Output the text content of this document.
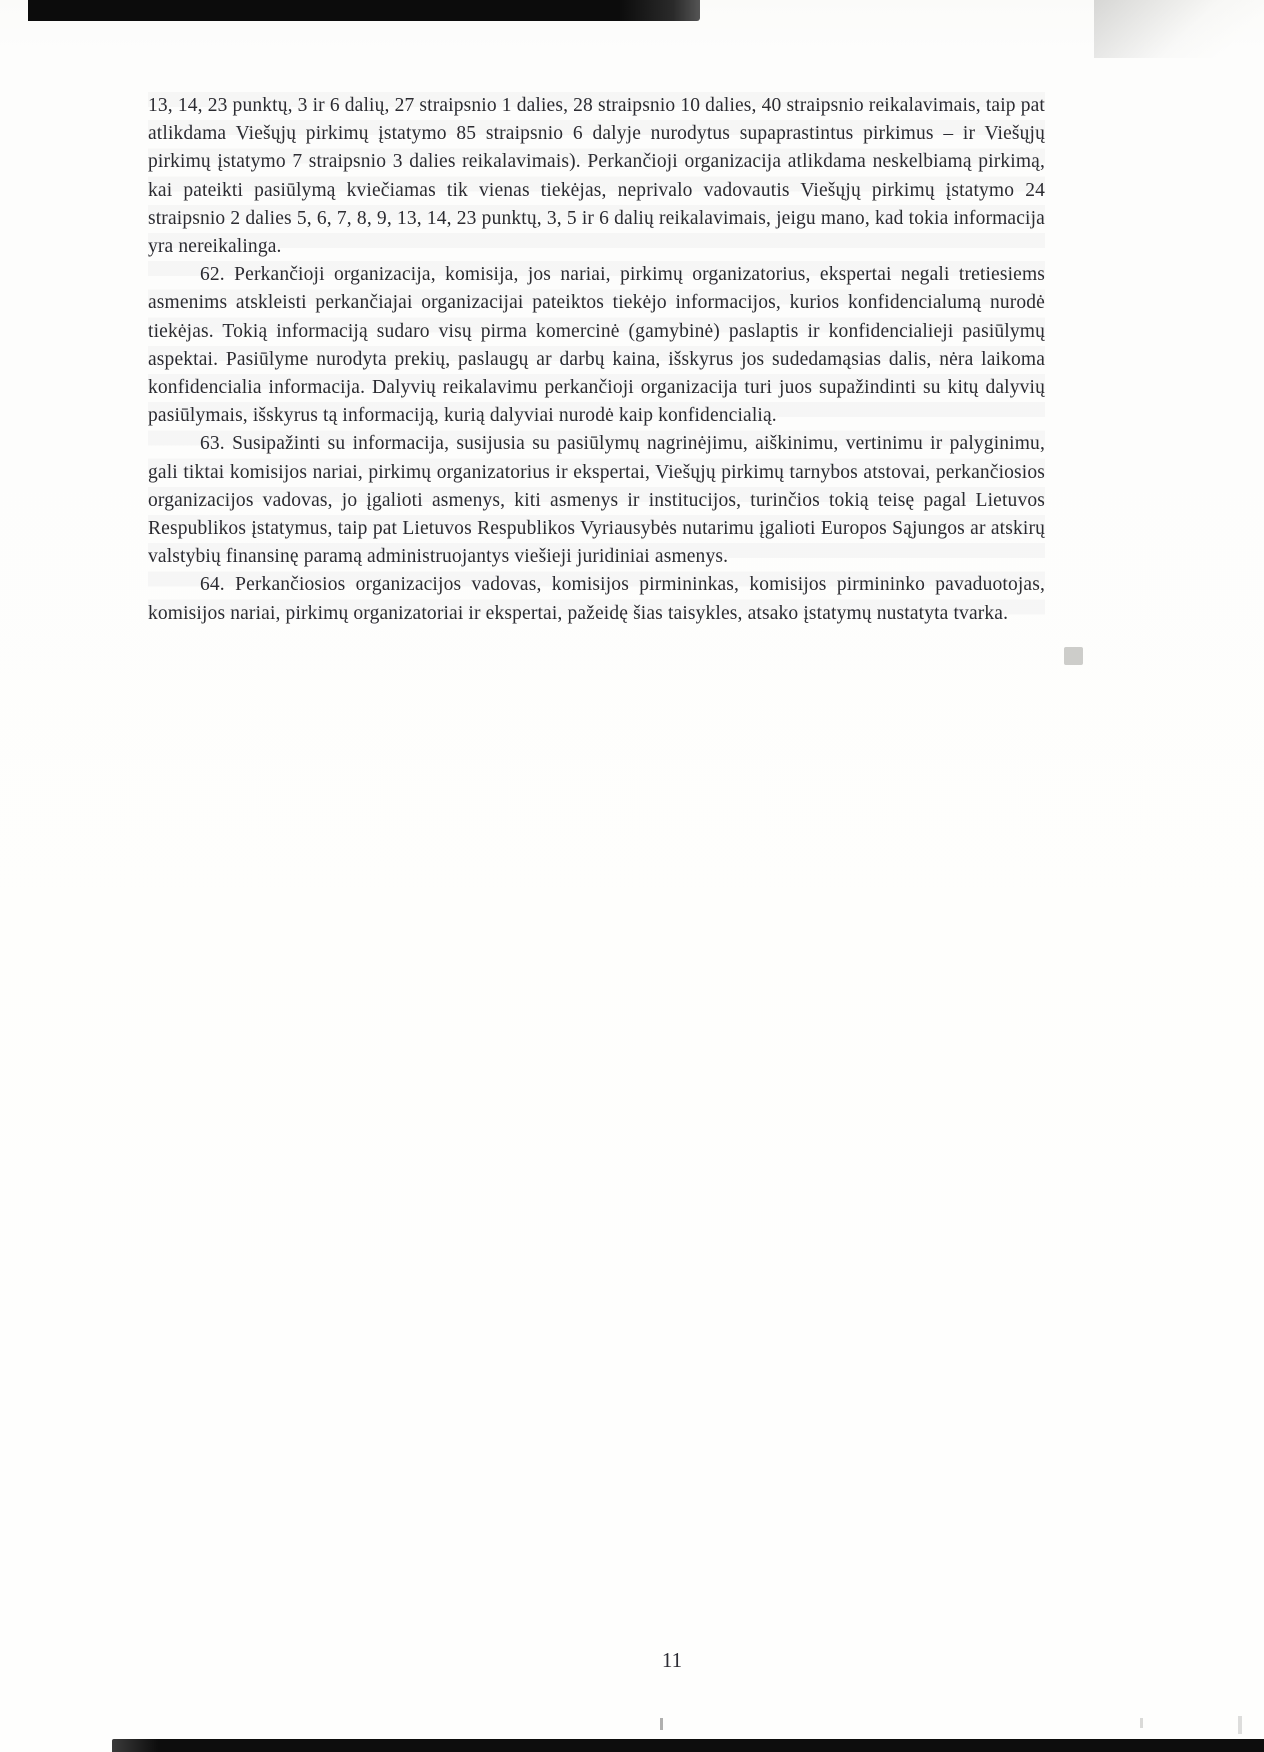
13, 14, 23 punktų, 3 ir 6 dalių, 27 straipsnio 1 dalies, 28 straipsnio 10 dalies, 40 straipsnio reikalavimais, taip pat atlikdama Viešųjų pirkimų įstatymo 85 straipsnio 6 dalyje nurodytus supaprastintus pirkimus – ir Viešųjų pirkimų įstatymo 7 straipsnio 3 dalies reikalavimais). Perkančioji organizacija atlikdama neskelbiamą pirkimą, kai pateikti pasiūlymą kviečiamas tik vienas tiekėjas, neprivalo vadovautis Viešųjų pirkimų įstatymo 24 straipsnio 2 dalies 5, 6, 7, 8, 9, 13, 14, 23 punktų, 3, 5 ir 6 dalių reikalavimais, jeigu mano, kad tokia informacija yra nereikalinga.

62. Perkančioji organizacija, komisija, jos nariai, pirkimų organizatorius, ekspertai negali tretiesiems asmenims atskleisti perkančiajai organizacijai pateiktos tiekėjo informacijos, kurios konfidencialumą nurodė tiekėjas. Tokią informaciją sudaro visų pirma komercinė (gamybinė) paslaptis ir konfidencialieji pasiūlymų aspektai. Pasiūlyme nurodyta prekių, paslaugų ar darbų kaina, išskyrus jos sudedamąsias dalis, nėra laikoma konfidencialia informacija. Dalyvių reikalavimu perkančioji organizacija turi juos supažindinti su kitų dalyvių pasiūlymais, išskyrus tą informaciją, kurią dalyviai nurodė kaip konfidencialią.

63. Susipažinti su informacija, susijusia su pasiūlymų nagrinėjimu, aiškinimu, vertinimu ir palyginimu, gali tiktai komisijos nariai, pirkimų organizatorius ir ekspertai, Viešųjų pirkimų tarnybos atstovai, perkančiosios organizacijos vadovas, jo įgalioti asmenys, kiti asmenys ir institucijos, turinčios tokią teisę pagal Lietuvos Respublikos įstatymus, taip pat Lietuvos Respublikos Vyriausybės nutarimu įgalioti Europos Sąjungos ar atskirų valstybių finansinę paramą administruojantys viešieji juridiniai asmenys.

64. Perkančiosios organizacijos vadovas, komisijos pirmininkas, komisijos pirmininko pavaduotojas, komisijos nariai, pirkimų organizatoriai ir ekspertai, pažeidę šias taisykles, atsako įstatymų nustatyta tvarka.

11
